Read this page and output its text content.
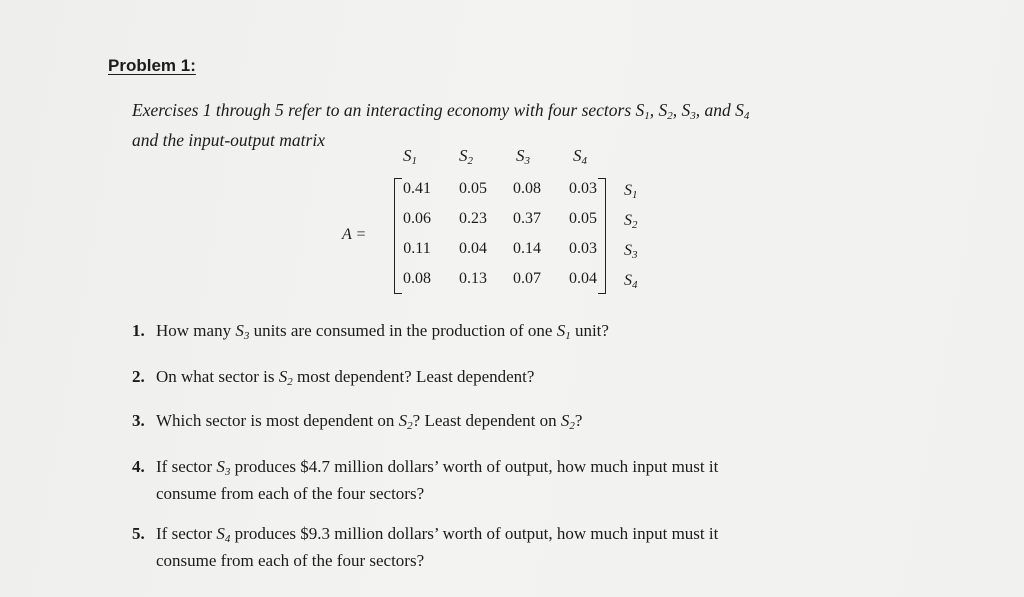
Problem 1:

Exercises 1 through 5 refer to an interacting economy with four sectors $S_1$, $S_2$, $S_3$, and $S_4$
and the input-output matrix

A =
$S_1$	$S_2$	$S_3$	$S_4$
0.41	0.05	0.08	0.03
0.06	0.23	0.37	0.05
0.11	0.04	0.14	0.03
0.08	0.13	0.07	0.04
$S_1$
$S_2$
$S_3$
$S_4$

1. How many $S_3$ units are consumed in the production of one $S_1$ unit?

2. On what sector is $S_2$ most dependent? Least dependent?

3. Which sector is most dependent on $S_2$? Least dependent on $S_2$?

4. If sector $S_3$ produces $4.7 million dollars’ worth of output, how much input must it
consume from each of the four sectors?

5. If sector $S_4$ produces $9.3 million dollars’ worth of output, how much input must it
consume from each of the four sectors?
